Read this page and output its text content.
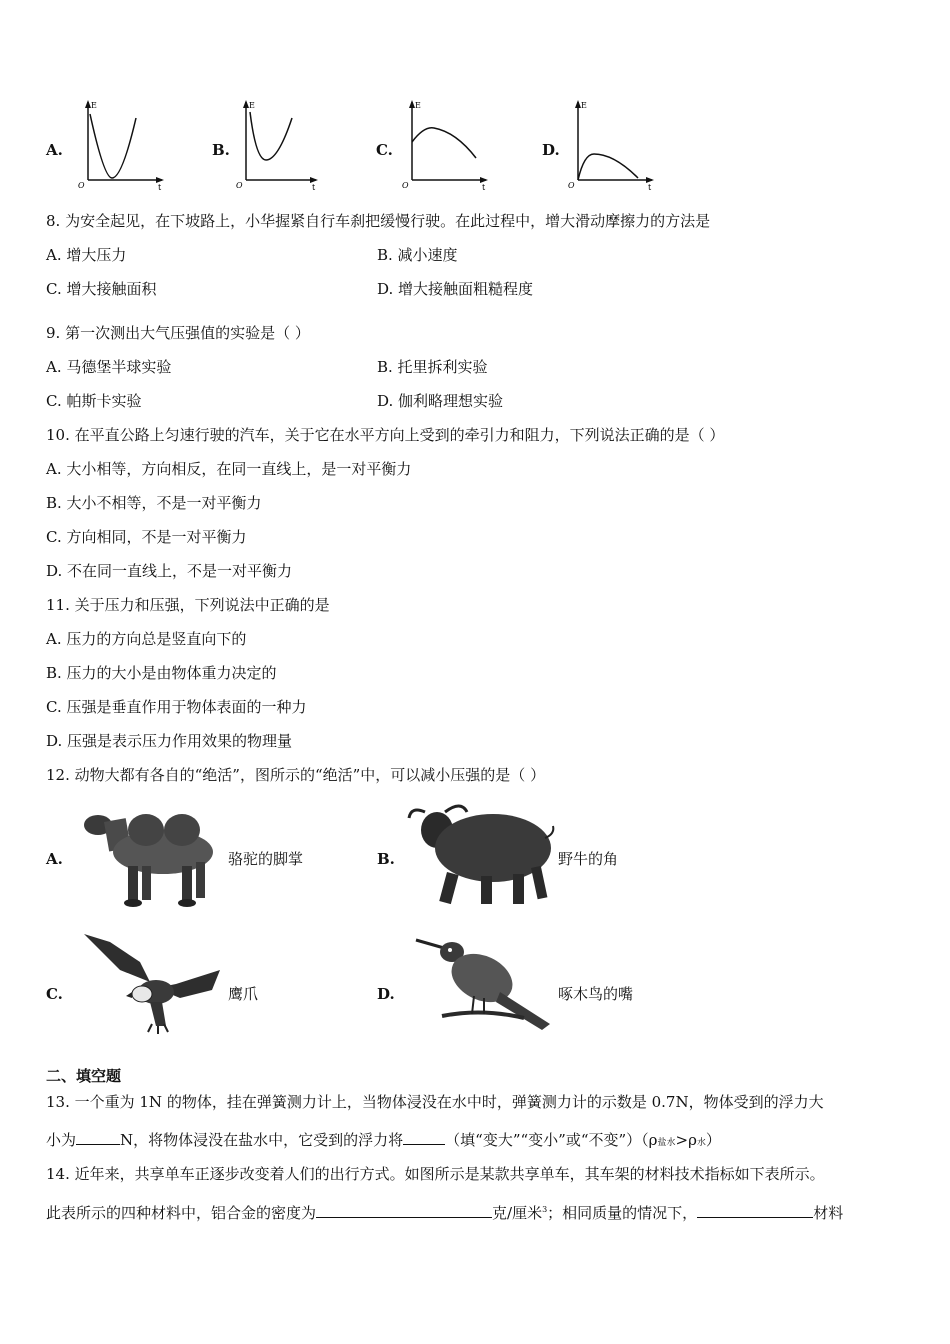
A.	B.	C.	D.
E
O	t
E
O	t
E
O	t
E
O	t
8. 为安全起见，在下坡路上，小华握紧自行车刹把缓慢行驶。在此过程中，增大滑动摩擦力的方法是
A. 增大压力	B. 减小速度
C. 增大接触面积	D. 增大接触面粗糙程度
9. 第一次测出大气压强值的实验是（ ）
A. 马德堡半球实验	B. 托里拆利实验
C. 帕斯卡实验	D. 伽利略理想实验
10. 在平直公路上匀速行驶的汽车，关于它在水平方向上受到的牵引力和阻力，下列说法正确的是（ ）
A. 大小相等，方向相反，在同一直线上，是一对平衡力
B. 大小不相等，不是一对平衡力
C. 方向相同，不是一对平衡力
D. 不在同一直线上，不是一对平衡力
11. 关于压力和压强，下列说法中正确的是
A. 压力的方向总是竖直向下的
B. 压力的大小是由物体重力决定的
C. 压强是垂直作用于物体表面的一种力
D. 压强是表示压力作用效果的物理量
12. 动物大都有各自的“绝活”，图所示的“绝活”中，可以减小压强的是（ ）
A.	骆驼的脚掌	B.	野牛的角
C.	鹰爪	D.	啄木鸟的嘴
二、填空题
13. 一个重为 1N 的物体，挂在弹簧测力计上，当物体浸没在水中时，弹簧测力计的示数是 0.7N，物体受到的浮力大
小为	N，将物体浸没在盐水中，它受到的浮力将	（填“变大”“变小”或“不变”）（ρ盐水>ρ水）
14. 近年来，共享单车正逐步改变着人们的出行方式。如图所示是某款共享单车，其车架的材料技术指标如下表所示。
此表所示的四种材料中，铝合金的密度为	克/厘米$^3$；相同质量的情况下，	材料
